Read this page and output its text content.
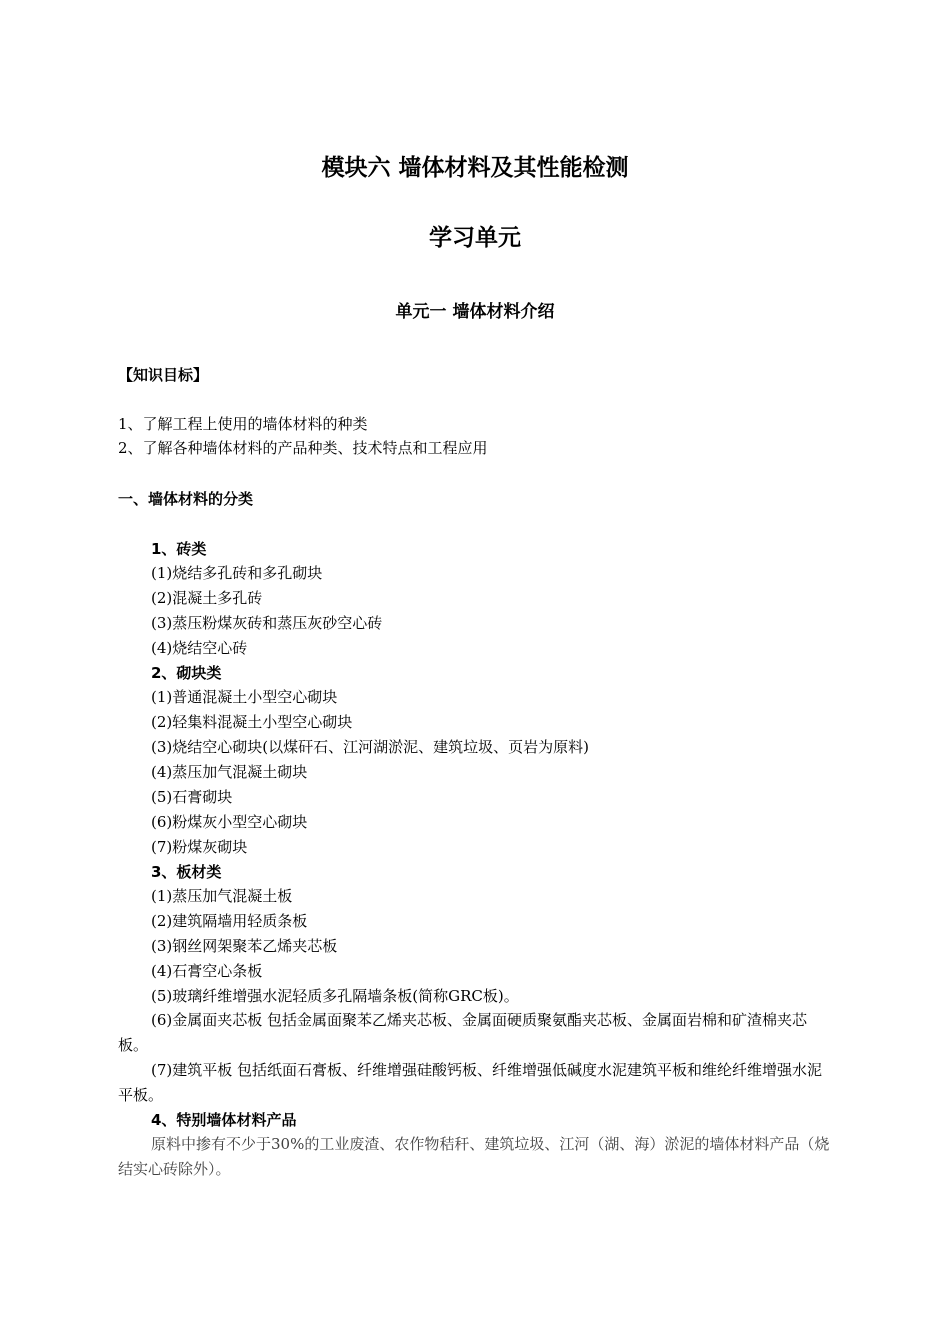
模块六 墙体材料及其性能检测
学习单元
单元一 墙体材料介绍
【知识目标】
1、了解工程上使用的墙体材料的种类
2、了解各种墙体材料的产品种类、技术特点和工程应用
一、墙体材料的分类
1、砖类
(1)烧结多孔砖和多孔砌块
(2)混凝土多孔砖
(3)蒸压粉煤灰砖和蒸压灰砂空心砖
(4)烧结空心砖
2、砌块类
(1)普通混凝土小型空心砌块
(2)轻集料混凝土小型空心砌块
(3)烧结空心砌块(以煤矸石、江河湖淤泥、建筑垃圾、页岩为原料)
(4)蒸压加气混凝土砌块
(5)石膏砌块
(6)粉煤灰小型空心砌块
(7)粉煤灰砌块
3、板材类
(1)蒸压加气混凝土板
(2)建筑隔墙用轻质条板
(3)钢丝网架聚苯乙烯夹芯板
(4)石膏空心条板
(5)玻璃纤维增强水泥轻质多孔隔墙条板(简称GRC板)。
(6)金属面夹芯板 包括金属面聚苯乙烯夹芯板、金属面硬质聚氨酯夹芯板、金属面岩棉和矿渣棉夹芯板。
(7)建筑平板 包括纸面石膏板、纤维增强硅酸钙板、纤维增强低碱度水泥建筑平板和维纶纤维增强水泥平板。
4、特别墙体材料产品
原料中掺有不少于30%的工业废渣、农作物秸秆、建筑垃圾、江河（湖、海）淤泥的墙体材料产品（烧结实心砖除外）。
